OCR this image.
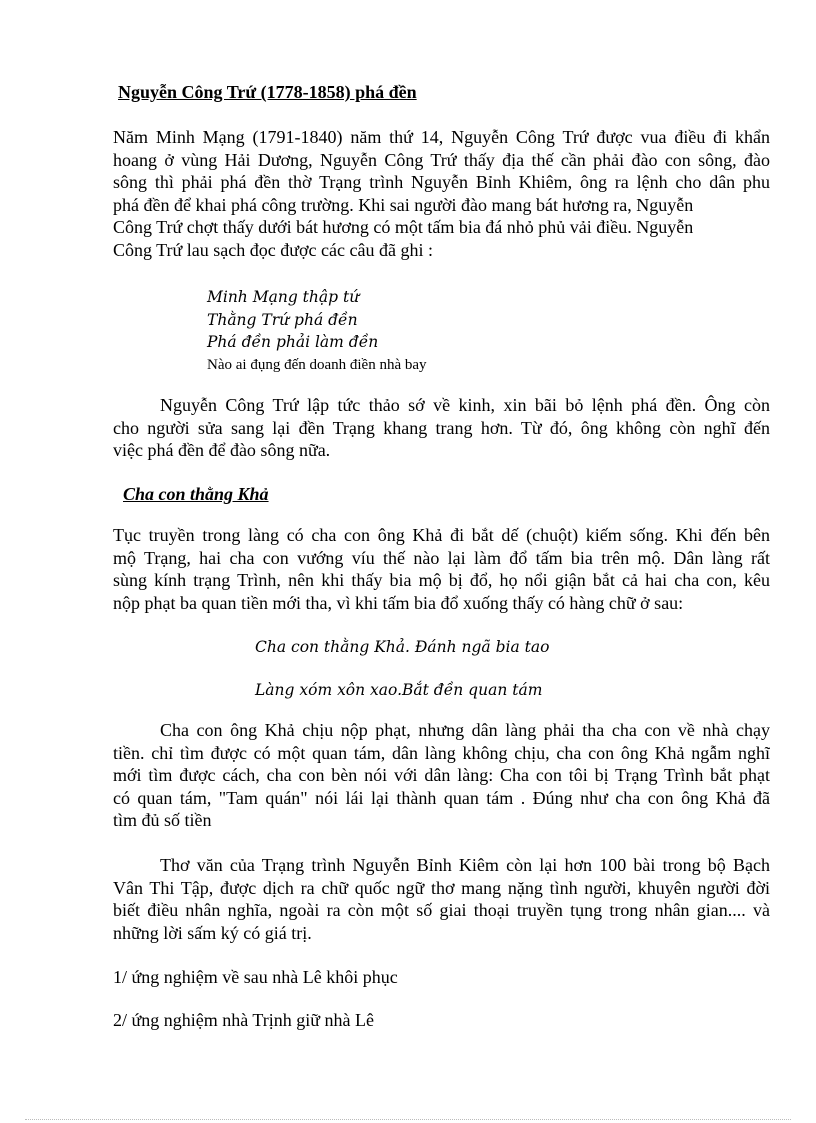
Nguyễn Công Trứ (1778-1858) phá đền
Năm Minh Mạng (1791-1840) năm thứ 14, Nguyễn Công Trứ được vua điều đi khẩn
hoang ở vùng Hải Dương, Nguyễn Công Trứ thấy địa thế cần phải đào con sông, đào
sông thì phải phá đền thờ Trạng trình Nguyễn Bỉnh Khiêm, ông ra lệnh cho dân phu
phá đền để khai phá công trường. Khi sai người đào mang bát hương ra, Nguyễn
Công Trứ chợt thấy dưới bát hương có một tấm bia đá nhỏ phủ vải điều. Nguyễn
Công Trứ lau sạch đọc được các câu đã ghi :
Minh Mạng thập tứ
Thằng Trứ phá đền
Phá đền phải làm đền
Nào ai đụng đến doanh điền nhà bay
Nguyễn Công Trứ lập tức thảo sớ về kinh, xin bãi bỏ lệnh phá đền. Ông còn
cho người sửa sang lại đền Trạng khang trang hơn. Từ đó, ông không còn nghĩ đến
việc phá đền để đào sông nữa.
Cha con thằng Khả
Tục truyền trong làng có cha con ông Khả đi bắt dế (chuột) kiếm sống. Khi đến bên
mộ Trạng, hai cha con vướng víu thế nào lại làm đổ tấm bia trên mộ. Dân làng rất
sùng kính trạng Trình, nên khi thấy bia mộ bị đổ, họ nổi giận bắt cả hai cha con, kêu
nộp phạt ba quan tiền mới tha, vì khi tấm bia đổ xuống thấy có hàng chữ ở sau:
Cha con thằng Khả. Đánh ngã bia tao
Làng xóm xôn xao.Bắt đền quan tám
Cha con ông Khả chịu nộp phạt, nhưng dân làng phải tha cha con về nhà chạy
tiền. chỉ tìm được có một quan tám, dân làng không chịu, cha con ông Khả ngẫm nghĩ
mới tìm được cách, cha con bèn nói với dân làng: Cha con tôi bị Trạng Trình bắt phạt
có quan tám, "Tam quán" nói lái lại thành quan tám . Đúng như cha con ông Khả đã
tìm đủ số tiền
Thơ văn của Trạng trình Nguyễn Bỉnh Kiêm còn lại hơn 100 bài trong bộ Bạch
Vân Thi Tập, được dịch ra chữ quốc ngữ thơ mang nặng tình người, khuyên người đời
biết điều nhân nghĩa, ngoài ra còn một số giai thoại truyền tụng trong nhân gian.... và
những lời sấm ký có giá trị.
1/ ứng nghiệm về sau nhà Lê khôi phục
2/ ứng nghiệm nhà Trịnh giữ nhà Lê
